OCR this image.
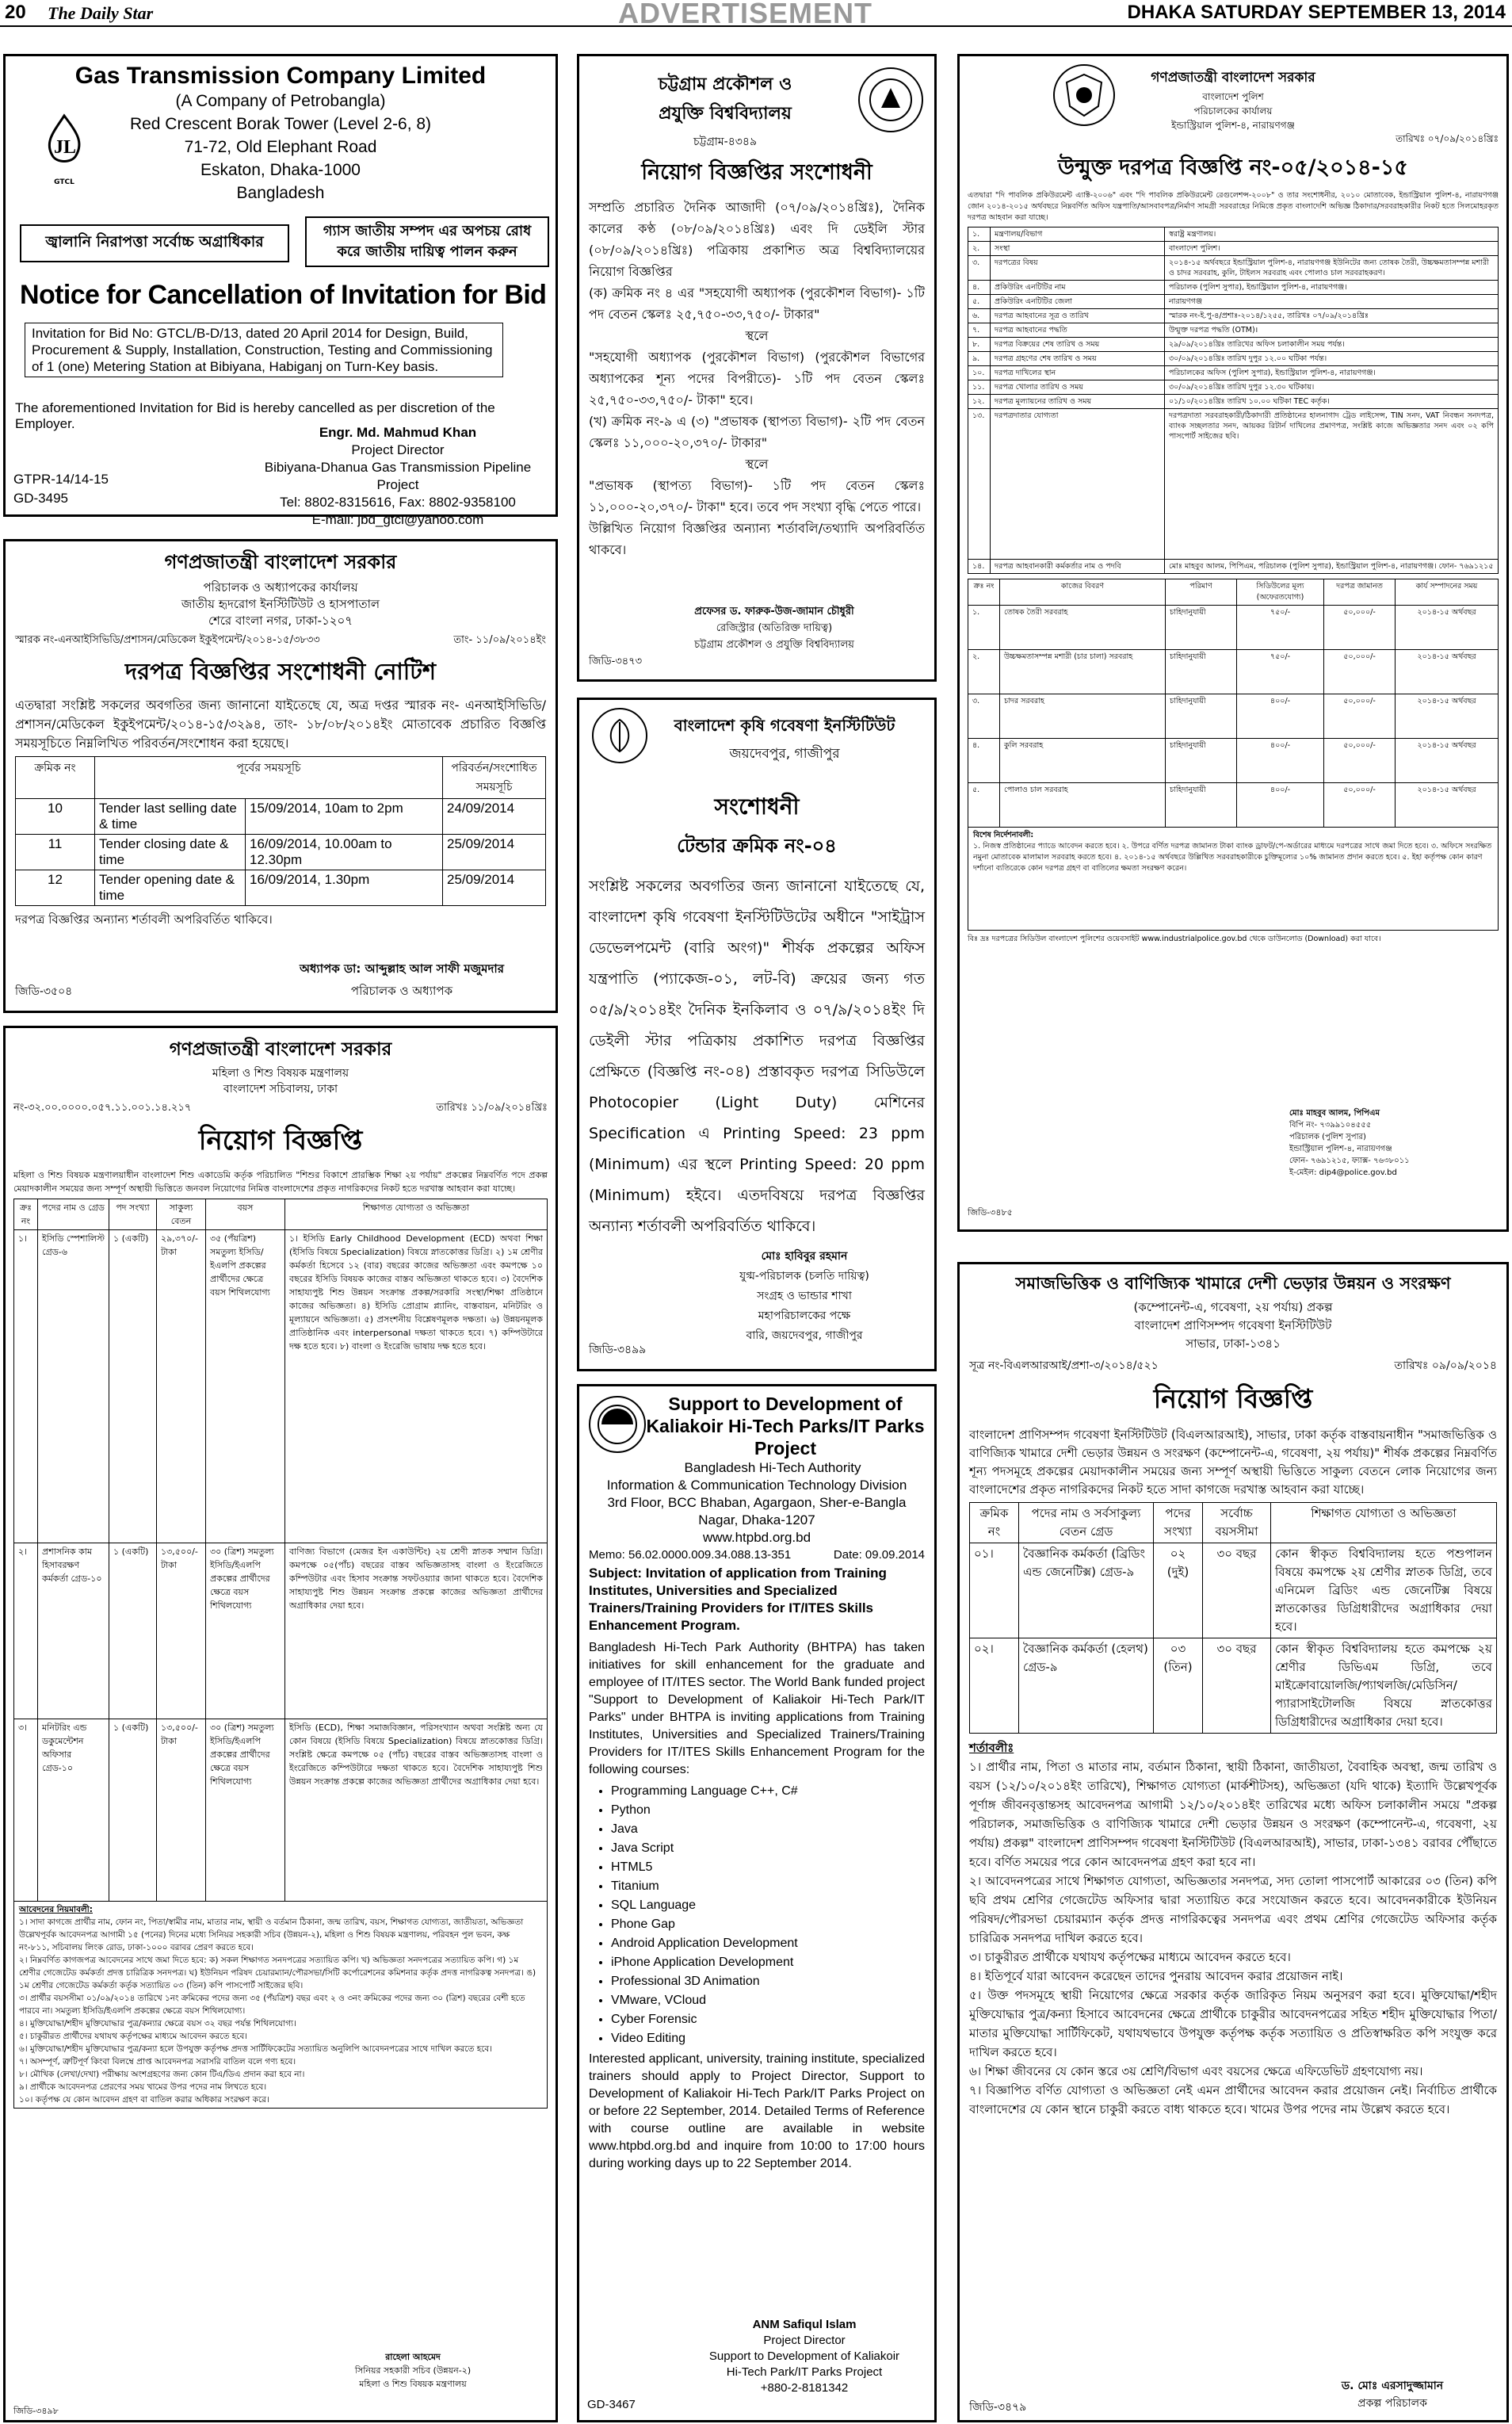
20 The Daily Star	ADVERTISEMENT	DHAKA SATURDAY SEPTEMBER 13, 2014
JL
GTCL
Gas Transmission Company Limited
(A Company of Petrobangla)
Red Crescent Borak Tower (Level 2-6, 8)
71-72, Old Elephant Road
Eskaton, Dhaka-1000
Bangladesh
জ্বালানি নিরাপত্তা সর্বোচ্চ অগ্রাধিকার
গ্যাস জাতীয় সম্পদ এর অপচয় রোধ করে জাতীয় দায়িত্ব পালন করুন
Notice for Cancellation of Invitation for Bid
Invitation for Bid No: GTCL/B-D/13, dated 20 April 2014 for Design, Build, Procurement & Supply, Installation, Construction, Testing and Commissioning of 1 (one) Metering Station at Bibiyana, Habiganj on Turn-Key basis.
The aforementioned Invitation for Bid is hereby cancelled as per discretion of the Employer.
Engr. Md. Mahmud Khan
Project Director
Bibiyana-Dhanua Gas Transmission Pipeline Project
Tel: 8802-8315616, Fax: 8802-9358100
E-mail: jbd_gtcl@yahoo.com
GTPR-14/14-15
GD-3495
গণপ্রজাতন্ত্রী বাংলাদেশ সরকার
পরিচালক ও অধ্যাপকের কার্যালয়
জাতীয় হৃদরোগ ইনস্টিটিউট ও হাসপাতাল
শেরে বাংলা নগর, ঢাকা-১২০৭
স্মারক নং-এনআইসিভিডি/প্রশাসন/মেডিকেল ইকুইপমেন্ট/২০১৪-১৫/৩৮৩৩	তাং- ১১/০৯/২০১৪ইং
দরপত্র বিজ্ঞপ্তির সংশোধনী নোটিশ
এতদ্বারা সংশ্লিষ্ট সকলের অবগতির জন্য জানানো যাইতেছে যে, অত্র দপ্তর স্মারক নং- এনআইসিভিডি/প্রশাসন/মেডিকেল ইকুইপমেন্ট/২০১৪-১৫/৩২৯৪, তাং- ১৮/০৮/২০১৪ইং মোতাবেক প্রচারিত বিজ্ঞপ্তি সময়সূচিতে নিম্নলিখিত পরিবর্তন/সংশোধন করা হয়েছে।
ক্রমিক নং	পূর্বের সময়সূচি		পরিবর্তন/সংশোধিত সময়সূচি
10	Tender last selling date & time	15/09/2014, 10am to 2pm	24/09/2014
11	Tender closing date & time	16/09/2014, 10.00am to 12.30pm	25/09/2014
12	Tender opening date & time	16/09/2014, 1.30pm	25/09/2014
দরপত্র বিজ্ঞপ্তির অন্যান্য শর্তাবলী অপরিবর্তিত থাকিবে।
অধ্যাপক ডা: আব্দুল্লাহ আল সাফী মজুমদার
পরিচালক ও অধ্যাপক
জিডি-৩৫০৪
গণপ্রজাতন্ত্রী বাংলাদেশ সরকার
মহিলা ও শিশু বিষয়ক মন্ত্রণালয়
বাংলাদেশ সচিবালয়, ঢাকা
নং-৩২.০০.০০০০.০৫৭.১১.০০১.১৪.২১৭	তারিখঃ ১১/০৯/২০১৪খ্রিঃ
নিয়োগ বিজ্ঞপ্তি
মহিলা ও শিশু বিষয়ক মন্ত্রণালয়াধীন বাংলাদেশ শিশু একাডেমি কর্তৃক পরিচালিত "শিশুর বিকাশে প্রারম্ভিক শিক্ষা ২য় পর্যায়" প্রকল্পের নিম্নবর্ণিত পদে প্রকল্প মেয়াদকালীন সময়ের জন্য সম্পূর্ণ অস্থায়ী ভিত্তিতে জনবল নিয়োগের নিমিত্ত বাংলাদেশের প্রকৃত নাগরিকদের নিকট হতে দরখাস্ত আহবান করা যাচ্ছে।
ক্রঃ নং	পদের নাম ও গ্রেড	পদ সংখ্যা	সাকুল্য বেতন	বয়স	শিক্ষাগত যোগ্যতা ও অভিজ্ঞতা
১।	ইসিডি স্পেশালিস্ট গ্রেড-৬	১ (একটি)	২৯,৩৭০/- টাকা	৩৫ (পঁয়ত্রিশ) সমতুল্য ইসিডি/ইএলপি প্রকল্পের প্রার্থীদের ক্ষেত্রে বয়স শিথিলযোগ্য	১। ইসিডি Early Childhood Development (ECD) অথবা শিক্ষা (ইসিডি বিষয়ে Specialization) বিষয়ে স্নাতকোত্তর ডিগ্রি। ২) ১ম শ্রেণীর কর্মকর্তা হিসেবে ১২ (বার) বছরের কাজের অভিজ্ঞতা এবং কমপক্ষে ১০ বছরের ইসিডি বিষয়ক কাজের বাস্তব অভিজ্ঞতা থাকতে হবে। ৩) বৈদেশিক সাহায্যপুষ্ট শিশু উন্নয়ন সংক্রান্ত প্রকল্প/সরকারি সংস্থা/শিক্ষা প্রতিষ্ঠানে কাজের অভিজ্ঞতা। ৪) ইসিডি প্রোগ্রাম প্ল্যানিং, বাস্তবায়ন, মনিটরিং ও মূল্যায়নে অভিজ্ঞতা। ৫) প্রসংশনীয় বিশ্লেষণমূলক দক্ষতা। ৬) উন্নয়নমূলক প্রাতিষ্ঠানিক এবং interpersonal দক্ষতা থাকতে হবে। ৭) কম্পিউটারে দক্ষ হতে হবে। ৮) বাংলা ও ইংরেজি ভাষায় দক্ষ হতে হবে।
২।	প্রশাসনিক কাম হিসাবরক্ষণ কর্মকর্তা গ্রেড-১০	১ (একটি)	১৩,৫০০/- টাকা	৩০ (ত্রিশ) সমতুল্য ইসিডি/ইএলপি প্রকল্পের প্রার্থীদের ক্ষেত্রে বয়স শিথিলযোগ্য	বাণিজ্য বিভাগে (মেজর ইন একাউন্টিং) ২য় শ্রেণী স্নাতক সম্মান ডিগ্রি। কমপক্ষে ০৫(পাঁচ) বছরের বাস্তব অভিজ্ঞতাসহ বাংলা ও ইংরেজিতে কম্পিউটার এবং হিসাব সংক্রান্ত সফটওয়্যার জানা থাকতে হবে। বৈদেশিক সাহায্যপুষ্ট শিশু উন্নয়ন সংক্রান্ত প্রকল্পে কাজের অভিজ্ঞতা প্রার্থীদের অগ্রাধিকার দেয়া হবে।
৩।	মনিটরিং এন্ড ডকুমেন্টেশন অফিসার গ্রেড-১০	১ (একটি)	১৩,৫০০/- টাকা	৩০ (ত্রিশ) সমতুল্য ইসিডি/ইএলপি প্রকল্পের প্রার্থীদের ক্ষেত্রে বয়স শিথিলযোগ্য	ইসিডি (ECD), শিক্ষা সমাজবিজ্ঞান, পরিসংখ্যান অথবা সংশ্লিষ্ট অন্য যে কোন বিষয়ে (ইসিডি বিষয়ে Specialization) বিষয়ে স্নাতকোত্তর ডিগ্রি। সংশ্লিষ্ট ক্ষেত্রে কমপক্ষে ০৫ (পাঁচ) বছরের বাস্তব অভিজ্ঞতাসহ বাংলা ও ইংরেজিতে কম্পিউটারে দক্ষতা থাকতে হবে। বৈদেশিক সাহায্যপুষ্ট শিশু উন্নয়ন সংক্রান্ত প্রকল্পে কাজের অভিজ্ঞতা প্রার্থীদের অগ্রাধিকার দেয়া হবে।
আবেদনের নিয়মাবলী:
১। সাদা কাগজে প্রার্থীর নাম, ফোন নং, পিতা/স্বামীর নাম, মাতার নাম, স্থায়ী ও বর্তমান ঠিকানা, জন্ম তারিখ, বয়স, শিক্ষাগত যোগ্যতা, জাতীয়তা, অভিজ্ঞতা উল্লেখপূর্বক আবেদনপত্র আগামী ১৫ (পনের) দিনের মধ্যে সিনিয়র সহকারী সচিব (উন্নয়ন-২), মহিলা ও শিশু বিষয়ক মন্ত্রণালয়, পরিবহন পুল ভবন, কক্ষ নং-৮১১, সচিবালয় লিংক রোড, ঢাকা-১০০০ বরাবর প্রেরণ করতে হবে।
২। নিম্নবর্ণিত কাগজপত্র আবেদনের সাথে জমা দিতে হবে: ক) সকল শিক্ষাগত সনদপত্রের সত্যায়িত কপি। খ) অভিজ্ঞতা সনদপত্রের সত্যায়িত কপি। গ) ১ম শ্রেণীর গেজেটেড কর্মকর্তা প্রদত্ত চারিত্রিক সনদপত্র। ঘ) ইউনিয়ন পরিষদ চেয়ারম্যান/পৌরসভা/সিটি কর্পোরেশনের কমিশনার কর্তৃক প্রদত্ত নাগরিকত্ব সনদপত্র। ঙ) ১ম শ্রেণীর গেজেটেড কর্মকর্তা কর্তৃক সত্যায়িত ০৩ (তিন) কপি পাসপোর্ট সাইজের ছবি।
৩। প্রার্থীর বয়সসীমা ০১/০৯/২০১৪ তারিখে ১নং ক্রমিকের পদের জন্য ৩৫ (পঁয়ত্রিশ) বছর এবং ২ ও ৩নং ক্রমিকের পদের জন্য ৩০ (ত্রিশ) বছরের বেশী হতে পারবে না। সমতুল্য ইসিডি/ইএলপি প্রকল্পের ক্ষেত্রে বয়স শিথিলযোগ্য।
৪। মুক্তিযোদ্ধা/শহীদ মুক্তিযোদ্ধার পুত্র/কন্যার ক্ষেত্রে বয়স ৩২ বছর পর্যন্ত শিথিলযোগ্য।
৫। চাকুরীরত প্রার্থীদের যথাযথ কর্তৃপক্ষের মাধ্যমে আবেদন করতে হবে।
৬। মুক্তিযোদ্ধা/শহীদ মুক্তিযোদ্ধার পুত্র/কন্যা হলে উপযুক্ত কর্তৃপক্ষ প্রদত্ত সার্টিফিকেটের সত্যায়িত অনুলিপি আবেদনপত্রের সাথে দাখিল করতে হবে।
৭। অসম্পূর্ণ, ত্রুটিপূর্ণ কিংবা বিলম্বে প্রাপ্ত আবেদনপত্র সরাসরি বাতিল বলে গণ্য হবে।
৮। মৌখিক (লেখা/দেখা) পরীক্ষায় অংশগ্রহণের জন্য কোন টিএ/ডিএ প্রদান করা হবে না।
৯। প্রার্থীকে আবেদনপত্র প্রেরণের সময় খামের উপর পদের নাম লিখতে হবে।
১০। কর্তৃপক্ষ যে কোন আবেদন গ্রহণ বা বাতিল করার অধিকার সংরক্ষণ করে।
রাহেলা আহমেদ
সিনিয়র সহকারী সচিব (উন্নয়ন-২)
মহিলা ও শিশু বিষয়ক মন্ত্রণালয়
জিডি-৩৪৯৮
চট্টগ্রাম প্রকৌশল ও
প্রযুক্তি বিশ্ববিদ্যালয়
চট্টগ্রাম-৪৩৪৯
নিয়োগ বিজ্ঞপ্তির সংশোধনী
সম্প্রতি প্রচারিত দৈনিক আজাদী (০৭/০৯/২০১৪খ্রিঃ), দৈনিক কালের কণ্ঠ (০৮/০৯/২০১৪খ্রিঃ) এবং দি ডেইলি স্টার (০৮/০৯/২০১৪খ্রিঃ) পত্রিকায় প্রকাশিত অত্র বিশ্ববিদ্যালয়ের নিয়োগ বিজ্ঞপ্তির
(ক) ক্রমিক নং ৪ এর "সহযোগী অধ্যাপক (পুরকৌশল বিভাগ)- ১টি পদ বেতন স্কেলঃ ২৫,৭৫০-৩৩,৭৫০/- টাকার"
স্থলে
"সহযোগী অধ্যাপক (পুরকৌশল বিভাগ) (পুরকৌশল বিভাগের অধ্যাপকের শূন্য পদের বিপরীতে)- ১টি পদ বেতন স্কেলঃ ২৫,৭৫০-৩৩,৭৫০/- টাকা" হবে।
(খ) ক্রমিক নং-৯ এ (৩) "প্রভাষক (স্থাপত্য বিভাগ)- ২টি পদ বেতন স্কেলঃ ১১,০০০-২০,৩৭০/- টাকার"
স্থলে
"প্রভাষক (স্থাপত্য বিভাগ)- ১টি পদ বেতন স্কেলঃ ১১,০০০-২০,৩৭০/- টাকা" হবে। তবে পদ সংখ্যা বৃদ্ধি পেতে পারে।
উল্লিখিত নিয়োগ বিজ্ঞপ্তির অন্যান্য শর্তাবলি/তথ্যাদি অপরিবর্তিত থাকবে।
প্রফেসর ড. ফারুক-উজ-জামান চৌধুরী
রেজিস্ট্রার (অতিরিক্ত দায়িত্ব)
চট্টগ্রাম প্রকৌশল ও প্রযুক্তি বিশ্ববিদ্যালয়
জিডি-৩৪৭৩
বাংলাদেশ কৃষি গবেষণা ইনস্টিটিউট
জয়দেবপুর, গাজীপুর
সংশোধনী
টেন্ডার ক্রমিক নং-০৪
সংশ্লিষ্ট সকলের অবগতির জন্য জানানো যাইতেছে যে, বাংলাদেশ কৃষি গবেষণা ইনস্টিটিউটের অধীনে "সাইট্রাস ডেভেলপমেন্ট (বারি অংগ)" শীর্ষক প্রকল্পের অফিস যন্ত্রপাতি (প্যাকেজ-০১, লট-বি) ক্রয়ের জন্য গত ০৫/৯/২০১৪ইং দৈনিক ইনকিলাব ও ০৭/৯/২০১৪ইং দি ডেইলী স্টার পত্রিকায় প্রকাশিত দরপত্র বিজ্ঞপ্তির প্রেক্ষিতে (বিজ্ঞপ্তি নং-০৪) প্রস্তাবকৃত দরপত্র সিডিউলে Photocopier (Light Duty) মেশিনের Specification এ Printing Speed: 23 ppm (Minimum) এর স্থলে Printing Speed: 20 ppm (Minimum) হইবে। এতদবিষয়ে দরপত্র বিজ্ঞপ্তির অন্যান্য শর্তাবলী অপরিবর্তিত থাকিবে।
মোঃ হাবিবুর রহমান
যুগ্ম-পরিচালক (চলতি দায়িত্ব)
সংগ্রহ ও ভান্ডার শাখা
মহাপরিচালকের পক্ষে
বারি, জয়দেবপুর, গাজীপুর
জিডি-৩৪৯৯
Support to Development of Kaliakoir Hi-Tech Parks/IT Parks Project
Bangladesh Hi-Tech Authority
Information & Communication Technology Division
3rd Floor, BCC Bhaban, Agargaon, Sher-e-Bangla
Nagar, Dhaka-1207
www.htpbd.org.bd
Memo: 56.02.0000.009.34.088.13-351	Date: 09.09.2014
Subject: Invitation of application from Training Institutes, Universities and Specialized Trainers/Training Providers for IT/ITES Skills Enhancement Program.
Bangladesh Hi-Tech Park Authority (BHTPA) has taken initiatives for skill enhancement for the graduate and employee of IT/ITES sector. The World Bank funded project "Support to Development of Kaliakoir Hi-Tech Park/IT Parks" under BHTPA is inviting applications from Training Institutes, Universities and Specialized Trainers/Training Providers for IT/ITES Skills Enhancement Program for the following courses:
• Programming Language C++, C#
• Python
• Java
• Java Script
• HTML5
• Titanium
• SQL Language
• Phone Gap
• Android Application Development
• iPhone Application Development
• Professional 3D Animation
• VMware, VCloud
• Cyber Forensic
• Video Editing
Interested applicant, university, training institute, specialized trainers should apply to Project Director, Support to Development of Kaliakoir Hi-Tech Park/IT Parks Project on or before 22 September, 2014. Detailed Terms of Reference with course outline are available in website www.htpbd.org.bd and inquire from 10:00 to 17:00 hours during working days up to 22 September 2014.
ANM Safiqul Islam
Project Director
Support to Development of Kaliakoir
Hi-Tech Park/IT Parks Project
+880-2-8181342
GD-3467
গণপ্রজাতন্ত্রী বাংলাদেশ সরকার
বাংলাদেশ পুলিশ
পরিচালকের কার্যালয়
ইন্ডাস্ট্রিয়াল পুলিশ-৪, নারায়ণগঞ্জ
তারিখঃ ০৭/০৯/২০১৪খ্রিঃ
উন্মুক্ত দরপত্র বিজ্ঞপ্তি নং-০৫/২০১৪-১৫
এতদ্বারা "দি পাবলিক প্রকিউরমেন্ট এ্যাক্ট-২০০৬" এবং "দি পাবলিক প্রকিউরমেন্ট রেগুলেশন্স-২০০৮" ও তার সংশোধনীর, ২০১০ মোতাবেক, ইন্ডাস্ট্রিয়াল পুলিশ-৪, নারায়ণগঞ্জ জোন ২০১৪-২০১৫ অর্থবছরে নিম্নবর্ণিত অফিস যন্ত্রপাতি/আসবাবপত্র/নির্মাণ সামগ্রী সরবরাহের নিমিত্তে প্রকৃত বাংলাদেশি অভিজ্ঞ ঠিকাদার/সরবরাহকারীর নিকট হতে সিলমোহরকৃত দরপত্র আহবান করা যাচ্ছে।
১.	মন্ত্রণালয়/বিভাগ	স্বরাষ্ট্র মন্ত্রণালয়।
২.	সংস্থা	বাংলাদেশ পুলিশ।
৩.	দরপত্রের বিষয়	২০১৪-১৫ অর্থবছরে ইন্ডাস্ট্রিয়াল পুলিশ-৪, নারায়ণগঞ্জ ইউনিটের জন্য তোষক তৈরী, উচ্চক্ষমতাসম্পন্ন মশারী ও চাদর সরবরাহ, কুলি, টাইলস সরবরাহ এবং পোলাও চাল সরবরাহকরণ।
৪.	প্রকিউরিং এনটিটির নাম	পরিচালক (পুলিশ সুপার), ইন্ডাস্ট্রিয়াল পুলিশ-৪, নারায়ণগঞ্জ।
৫.	প্রকিউরিং এনটিটির জেলা	নারায়ণগঞ্জ
৬.	দরপত্র আহবানের সূত্র ও তারিখ	স্মারক নং-ই.পু-৪/প্রশাঃ-২০১৪/১২৫৫, তারিখঃ ০৭/০৯/২০১৪খ্রিঃ
৭.	দরপত্র আহবানের পদ্ধতি	উন্মুক্ত দরপত্র পদ্ধতি (OTM)।
৮.	দরপত্র বিক্রয়ের শেষ তারিখ ও সময়	২৯/০৯/২০১৪খ্রিঃ তারিখের অফিস চলাকালীন সময় পর্যন্ত।
৯.	দরপত্র গ্রহণের শেষ তারিখ ও সময়	৩০/০৯/২০১৪খ্রিঃ তারিখ দুপুর ১২.০০ ঘটিকা পর্যন্ত।
১০.	দরপত্র দাখিলের স্থান	পরিচালকের অফিস (পুলিশ সুপার), ইন্ডাস্ট্রিয়াল পুলিশ-৪, নারায়ণগঞ্জ।
১১.	দরপত্র খোলার তারিখ ও সময়	৩০/০৯/২০১৪খ্রিঃ তারিখ দুপুর ১২.৩০ ঘটিকায়।
১২.	দরপত্র মূল্যায়নের তারিখ ও সময়	০১/১০/২০১৪খ্রিঃ তারিখ ১০.০০ ঘটিকা TEC কর্তৃক।
১৩.	দরপত্রদাতার যোগ্যতা	দরপত্রদাতা সরবরাহকারী/ঠিকাদারী প্রতিষ্ঠানের হালনাগাদ ট্রেড লাইসেন্স, TIN সনদ, VAT নিবন্ধন সনদপত্র, ব্যাংক সচ্ছলতার সনদ, আয়কর রিটার্ন দাখিলের প্রমাণপত্র, সংশ্লিষ্ট কাজে অভিজ্ঞতার সনদ এবং ০২ কপি পাসপোর্ট সাইজের ছবি।
১৪.	দরপত্র আহবানকারী কর্মকর্তার নাম ও পদবি	মোঃ মাহবুব আলম, পিপিএম, পরিচালক (পুলিশ সুপার), ইন্ডাস্ট্রিয়াল পুলিশ-৪, নারায়ণগঞ্জ। ফোন- ৭৬৯১২১৫
ক্রঃ নং	কাজের বিবরণ	পরিমাণ	সিডিউলের মূল্য (অফেরতযোগ্য)	দরপত্র জামানত	কার্য সম্পাদনের সময়
১.	তোষক তৈরী সরবরাহ	চাহিদানুযায়ী	৭৫০/-	৫০,০০০/-	২০১৪-১৫ অর্থবছর
২.	উচ্চক্ষমতাসম্পন্ন মশারী (চার চালা) সরবরাহ	চাহিদানুযায়ী	৭৫০/-	৫০,০০০/-	২০১৪-১৫ অর্থবছর
৩.	চাদর সরবরাহ	চাহিদানুযায়ী	৪০০/-	৫০,০০০/-	২০১৪-১৫ অর্থবছর
৪.	কুলি সরবরাহ	চাহিদানুযায়ী	৪০০/-	৫০,০০০/-	২০১৪-১৫ অর্থবছর
৫.	পোলাও চাল সরবরাহ	চাহিদানুযায়ী	৪০০/-	৫০,০০০/-	২০১৪-১৫ অর্থবছর
বিশেষ নির্দেশনাবলী:
১. নিজস্ব প্রতিষ্ঠানের প্যাডে আবেদন করতে হবে। ২. উপরে বর্ণিত দরপত্র জামানত টাকা ব্যাংক ড্রাফট/পে-অর্ডারের মাধ্যমে দরপত্রের সাথে জমা দিতে হবে। ৩. অফিসে সংরক্ষিত নমুনা মোতাবেক মালামাল সরবরাহ করতে হবে। ৪. ২০১৪-১৫ অর্থবছরে উল্লিখিত সরবরাহকারীকে চুক্তিমূল্যের ১০% জামানত প্রদান করতে হবে। ৫. ইহা কর্তৃপক্ষ কোন কারণ দর্শানো ব্যতিরেকে কোন দরপত্র গ্রহণ বা বাতিলের ক্ষমতা সংরক্ষণ করেন।
বিঃ দ্রঃ দরপত্রের সিডিউল বাংলাদেশ পুলিশের ওয়েবসাইট www.industrialpolice.gov.bd থেকে ডাউনলোড (Download) করা যাবে।
মোঃ মাহবুব আলম, পিপিএম
বিপি নং- ৭৩৯৯১০৪৫৫৫
পরিচালক (পুলিশ সুপার)
ইন্ডাস্ট্রিয়াল পুলিশ-৪, নারায়ণগঞ্জ
ফোন- ৭৬৯১২১৫, ফ্যাক্স- ৭৬৩৮০১১
ই-মেইল: dip4@police.gov.bd
জিডি-৩৪৮৫
সমাজভিত্তিক ও বাণিজ্যিক খামারে দেশী ভেড়ার উন্নয়ন ও সংরক্ষণ
(কম্পোনেন্ট-এ, গবেষণা, ২য় পর্যায়) প্রকল্প
বাংলাদেশ প্রাণিসম্পদ গবেষণা ইনস্টিটিউট
সাভার, ঢাকা-১৩৪১
সূত্র নং-বিএলআরআই/প্রশা-৩/২০১৪/৫২১	তারিখঃ ০৯/০৯/২০১৪
নিয়োগ বিজ্ঞপ্তি
বাংলাদেশ প্রাণিসম্পদ গবেষণা ইনস্টিটিউট (বিএলআরআই), সাভার, ঢাকা কর্তৃক বাস্তবায়নাধীন "সমাজভিত্তিক ও বাণিজ্যিক খামারে দেশী ভেড়ার উন্নয়ন ও সংরক্ষণ (কম্পোনেন্ট-এ, গবেষণা, ২য় পর্যায়)" শীর্ষক প্রকল্পের নিম্নবর্ণিত শূন্য পদসমূহে প্রকল্পের মেয়াদকালীন সময়ের জন্য সম্পূর্ণ অস্থায়ী ভিত্তিতে সাকুল্য বেতনে লোক নিয়োগের জন্য বাংলাদেশের প্রকৃত নাগরিকদের নিকট হতে সাদা কাগজে দরখাস্ত আহবান করা যাচ্ছে।
ক্রমিক নং	পদের নাম ও সর্বসাকুল্য বেতন গ্রেড	পদের সংখ্যা	সর্বোচ্চ বয়সসীমা	শিক্ষাগত যোগ্যতা ও অভিজ্ঞতা
০১।	বৈজ্ঞানিক কর্মকর্তা (ব্রিডিং এন্ড জেনেটিক্স) গ্রেড-৯	০২ (দুই)	৩০ বছর	কোন স্বীকৃত বিশ্ববিদ্যালয় হতে পশুপালন বিষয়ে কমপক্ষে ২য় শ্রেণীর স্নাতক ডিগ্রি, তবে এনিমেল ব্রিডিং এন্ড জেনেটিক্স বিষয়ে স্নাতকোত্তর ডিগ্রিধারীদের অগ্রাধিকার দেয়া হবে।
০২।	বৈজ্ঞানিক কর্মকর্তা (হেলথ) গ্রেড-৯	০৩ (তিন)	৩০ বছর	কোন স্বীকৃত বিশ্ববিদ্যালয় হতে কমপক্ষে ২য় শ্রেণীর ডিভিএম ডিগ্রি, তবে মাইক্রোবায়োলজি/প্যাথলজি/মেডিসিন/প্যারাসাইটোলজি বিষয়ে স্নাতকোত্তর ডিগ্রিধারীদের অগ্রাধিকার দেয়া হবে।
শর্তাবলীঃ
১। প্রার্থীর নাম, পিতা ও মাতার নাম, বর্তমান ঠিকানা, স্থায়ী ঠিকানা, জাতীয়তা, বৈবাহিক অবস্থা, জন্ম তারিখ ও বয়স (১২/১০/২০১৪ইং তারিখে), শিক্ষাগত যোগ্যতা (মার্কশীটসহ), অভিজ্ঞতা (যদি থাকে) ইত্যাদি উল্লেখপূর্বক পূর্ণাঙ্গ জীবনবৃত্তান্তসহ আবেদনপত্র আগামী ১২/১০/২০১৪ইং তারিখের মধ্যে অফিস চলাকালীন সময়ে "প্রকল্প পরিচালক, সমাজভিত্তিক ও বাণিজ্যিক খামারে দেশী ভেড়ার উন্নয়ন ও সংরক্ষণ (কম্পোনেন্ট-এ, গবেষণা, ২য় পর্যায়) প্রকল্প" বাংলাদেশ প্রাণিসম্পদ গবেষণা ইনস্টিটিউট (বিএলআরআই), সাভার, ঢাকা-১৩৪১ বরাবর পৌঁছাতে হবে। বর্ণিত সময়ের পরে কোন আবেদনপত্র গ্রহণ করা হবে না।
২। আবেদনপত্রের সাথে শিক্ষাগত যোগ্যতা, অভিজ্ঞতার সনদপত্র, সদ্য তোলা পাসপোর্ট আকারের ০৩ (তিন) কপি ছবি প্রথম শ্রেণির গেজেটেড অফিসার দ্বারা সত্যায়িত করে সংযোজন করতে হবে। আবেদনকারীকে ইউনিয়ন পরিষদ/পৌরসভা চেয়ারম্যান কর্তৃক প্রদত্ত নাগরিকত্বের সনদপত্র এবং প্রথম শ্রেণির গেজেটেড অফিসার কর্তৃক চারিত্রিক সনদপত্র দাখিল করতে হবে।
৩। চাকুরীরত প্রার্থীকে যথাযথ কর্তৃপক্ষের মাধ্যমে আবেদন করতে হবে।
৪। ইতিপূর্বে যারা আবেদন করেছেন তাদের পুনরায় আবেদন করার প্রয়োজন নাই।
৫। উক্ত পদসমূহে স্থায়ী নিয়োগের ক্ষেত্রে সরকার কর্তৃক জারিকৃত নিয়ম অনুসরণ করা হবে। মুক্তিযোদ্ধা/শহীদ মুক্তিযোদ্ধার পুত্র/কন্যা হিসাবে আবেদনের ক্ষেত্রে প্রার্থীকে চাকুরীর আবেদনপত্রের সহিত শহীদ মুক্তিযোদ্ধার পিতা/মাতার মুক্তিযোদ্ধা সার্টিফিকেট, যথাযথভাবে উপযুক্ত কর্তৃপক্ষ কর্তৃক সত্যায়িত ও প্রতিস্বাক্ষরিত কপি সংযুক্ত করে দাখিল করতে হবে।
৬। শিক্ষা জীবনের যে কোন স্তরে ৩য় শ্রেণি/বিভাগ এবং বয়সের ক্ষেত্রে এফিডেভিট গ্রহণযোগ্য নয়।
৭। বিজ্ঞাপিত বর্ণিত যোগ্যতা ও অভিজ্ঞতা নেই এমন প্রার্থীদের আবেদন করার প্রয়োজন নেই। নির্বাচিত প্রার্থীকে বাংলাদেশের যে কোন স্থানে চাকুরী করতে বাধ্য থাকতে হবে। খামের উপর পদের নাম উল্লেখ করতে হবে।
ড. মোঃ এরসাদুজ্জামান
প্রকল্প পরিচালক
জিডি-৩৪৭৯
